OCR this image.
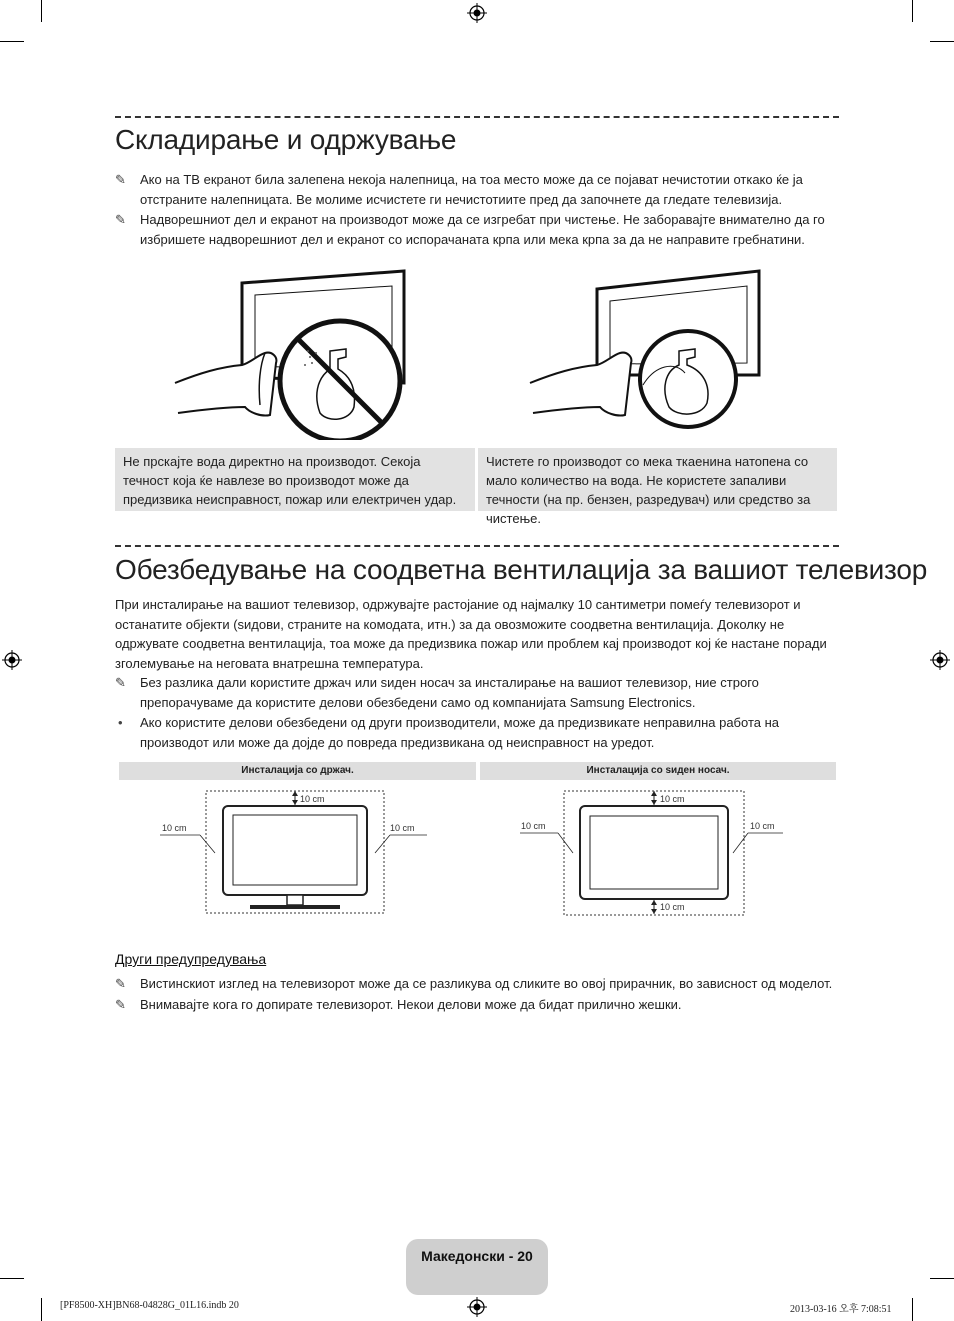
Складирање и одржување
✎	Ако на ТВ екранот била залепена некоја налепница, на тоа место може да се појават нечистотии откако ќе ја отстраните налепницата. Ве молиме исчистете ги нечистотиите пред да започнете да гледате телевизија.
✎	Надворешниот дел и екранот на производот може да се изгребат при чистење. Не заборавајте внимателно да го избришете надворешниот дел и екранот со испорачаната крпа или мека крпа за да не направите гребнатини.
Не прскајте вода директно на производот. Секоја течност која ќе навлезе во производот може да предизвика неисправност, пожар или електричен удар.
Чистете го производот со мека ткаенина натопена со мало количество на вода. Не користете запаливи течности (на пр. бензен, разредувач) или средство за чистење.
Обезбедување на соодветна вентилација за вашиот телевизор
При инсталирање на вашиот телевизор, одржувајте растојание од најмалку 10 сантиметри помеѓу телевизорот и останатите објекти (sидови, страните на комодата, итн.) за да овозможите соодветна вентилација. Доколку не одржувате соодветна вентилација, тоа може да предизвика пожар или проблем кај производот кој ќе настане поради зголемување на неговата внатрешна температура.
✎	Без разлика дали користите држач или sиден носач за инсталирање на вашиот телевизор, ние строго препорачуваме да користите делови обезбедени само од компанијата Samsung Electronics.
•	Ако користите делови обезбедени од други производители, може да предизвикате неправилна работа на производот или може да дојде до повреда предизвикана од неисправност на уредот.
Инсталација со држач.	Инсталација со sиден носач.
10 cm
10 cm	10 cm
10 cm
10 cm
10 cm	10 cm
Други предупредувања
✎	Вистинскиот изглед на телевизорот може да се разликува од сликите во овој прирачник, во зависност од моделот.
✎	Внимавајте кога го допирате телевизорот. Некои делови може да бидат прилично жешки.
Македонски - 20
[PF8500-XH]BN68-04828G_01L16.indb 20	2013-03-16 오후 7:08:51
